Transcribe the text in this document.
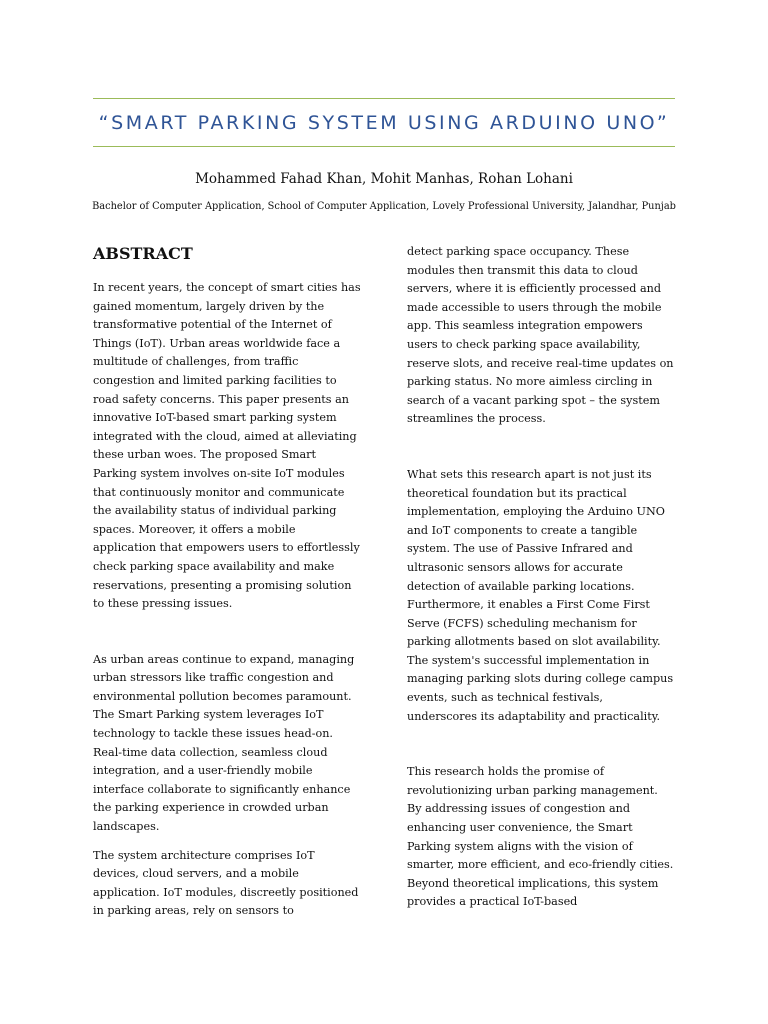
“SMART PARKING SYSTEM USING ARDUINO UNO”
Mohammed Fahad Khan, Mohit Manhas, Rohan Lohani
Bachelor of Computer Application, School of Computer Application, Lovely Professional University, Jalandhar, Punjab
ABSTRACT

In recent years, the concept of smart cities has gained momentum, largely driven by the transformative potential of the Internet of Things (IoT). Urban areas worldwide face a multitude of challenges, from traffic congestion and limited parking facilities to road safety concerns. This paper presents an innovative IoT-based smart parking system integrated with the cloud, aimed at alleviating these urban woes. The proposed Smart Parking system involves on-site IoT modules that continuously monitor and communicate the availability status of individual parking spaces. Moreover, it offers a mobile application that empowers users to effortlessly check parking space availability and make reservations, presenting a promising solution to these pressing issues.

As urban areas continue to expand, managing urban stressors like traffic congestion and environmental pollution becomes paramount. The Smart Parking system leverages IoT technology to tackle these issues head-on. Real-time data collection, seamless cloud integration, and a user-friendly mobile interface collaborate to significantly enhance the parking experience in crowded urban landscapes.

The system architecture comprises IoT devices, cloud servers, and a mobile application. IoT modules, discreetly positioned in parking areas, rely on sensors to

detect parking space occupancy. These modules then transmit this data to cloud servers, where it is efficiently processed and made accessible to users through the mobile app. This seamless integration empowers users to check parking space availability, reserve slots, and receive real-time updates on parking status. No more aimless circling in search of a vacant parking spot – the system streamlines the process.

What sets this research apart is not just its theoretical foundation but its practical implementation, employing the Arduino UNO and IoT components to create a tangible system. The use of Passive Infrared and ultrasonic sensors allows for accurate detection of available parking locations. Furthermore, it enables a First Come First Serve (FCFS) scheduling mechanism for parking allotments based on slot availability. The system's successful implementation in managing parking slots during college campus events, such as technical festivals, underscores its adaptability and practicality.

This research holds the promise of revolutionizing urban parking management. By addressing issues of congestion and enhancing user convenience, the Smart Parking system aligns with the vision of smarter, more efficient, and eco-friendly cities. Beyond theoretical implications, this system provides a practical IoT-based
